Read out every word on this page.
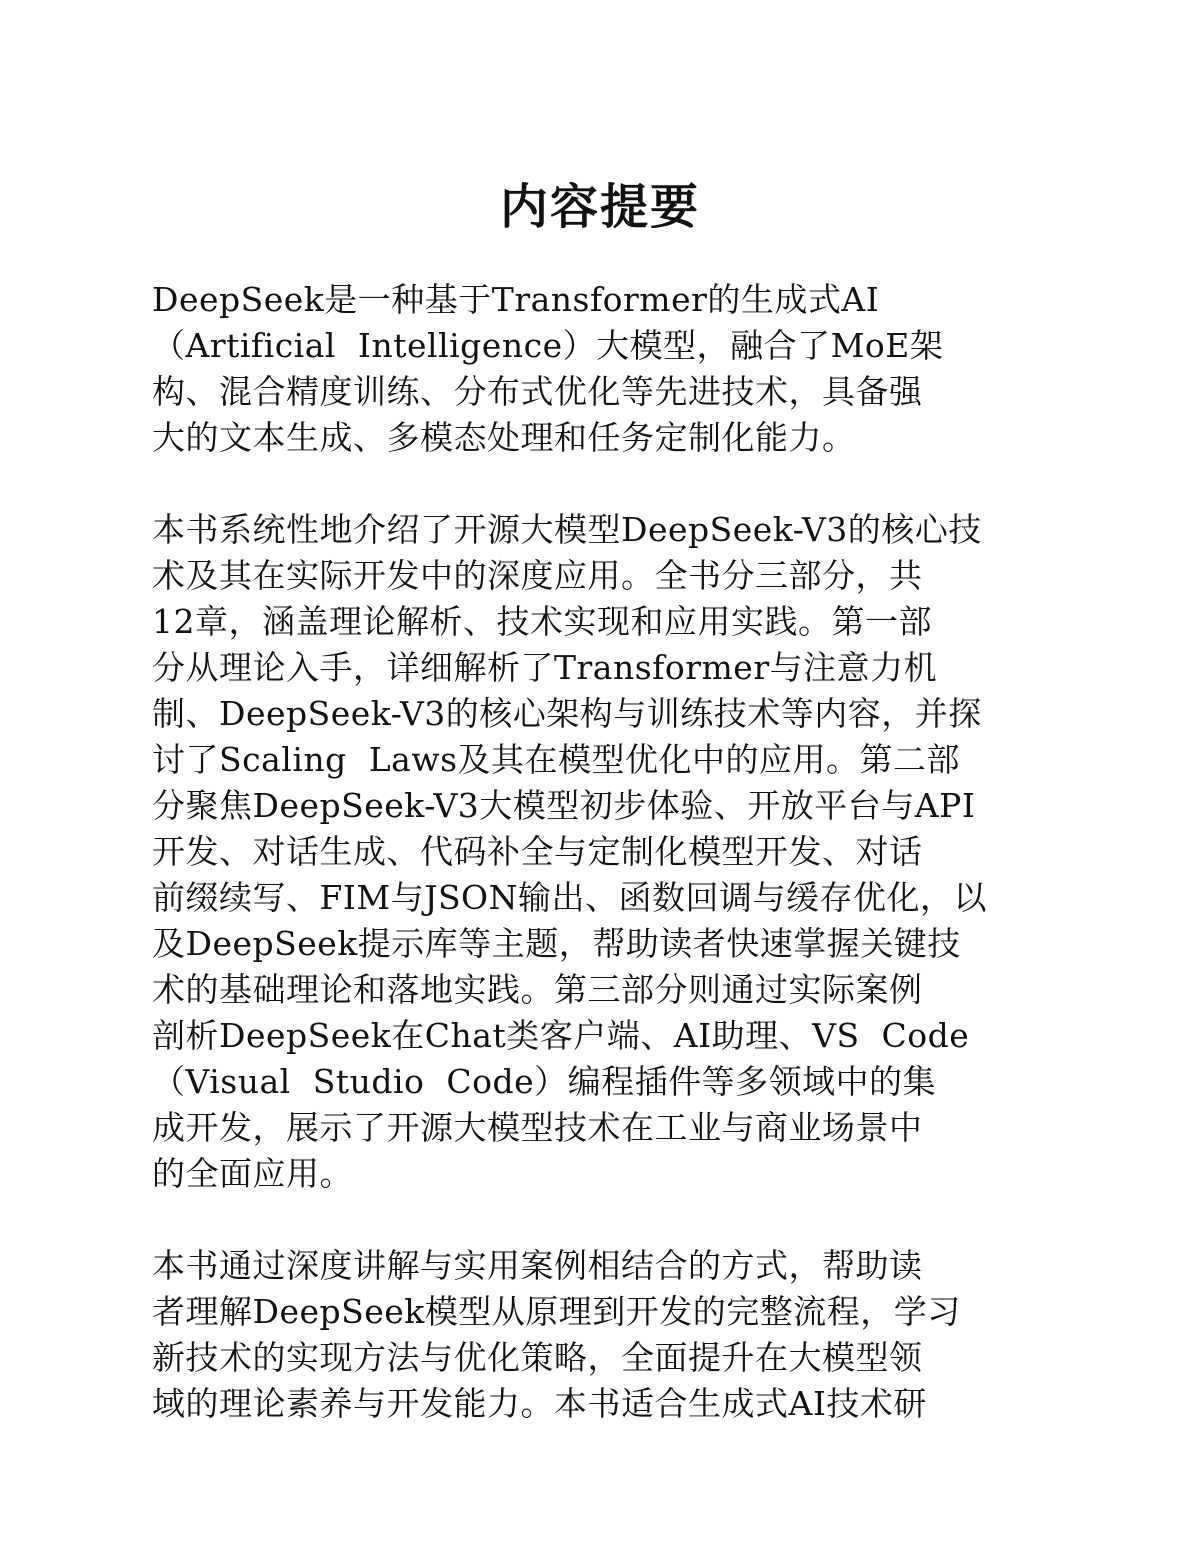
内容提要
DeepSeek是一种基于Transformer的生成式AI
（Artificial  Intelligence）大模型，融合了MoE架
构、混合精度训练、分布式优化等先进技术，具备强
大的文本生成、多模态处理和任务定制化能力。
本书系统性地介绍了开源大模型DeepSeek-V3的核心技
术及其在实际开发中的深度应用。全书分三部分，共
12章，涵盖理论解析、技术实现和应用实践。第一部
分从理论入手，详细解析了Transformer与注意力机
制、DeepSeek-V3的核心架构与训练技术等内容，并探
讨了Scaling  Laws及其在模型优化中的应用。第二部
分聚焦DeepSeek-V3大模型初步体验、开放平台与API
开发、对话生成、代码补全与定制化模型开发、对话
前缀续写、FIM与JSON输出、函数回调与缓存优化，以
及DeepSeek提示库等主题，帮助读者快速掌握关键技
术的基础理论和落地实践。第三部分则通过实际案例
剖析DeepSeek在Chat类客户端、AI助理、VS  Code
（Visual  Studio  Code）编程插件等多领域中的集
成开发，展示了开源大模型技术在工业与商业场景中
的全面应用。
本书通过深度讲解与实用案例相结合的方式，帮助读
者理解DeepSeek模型从原理到开发的完整流程，学习
新技术的实现方法与优化策略，全面提升在大模型领
域的理论素养与开发能力。本书适合生成式AI技术研
